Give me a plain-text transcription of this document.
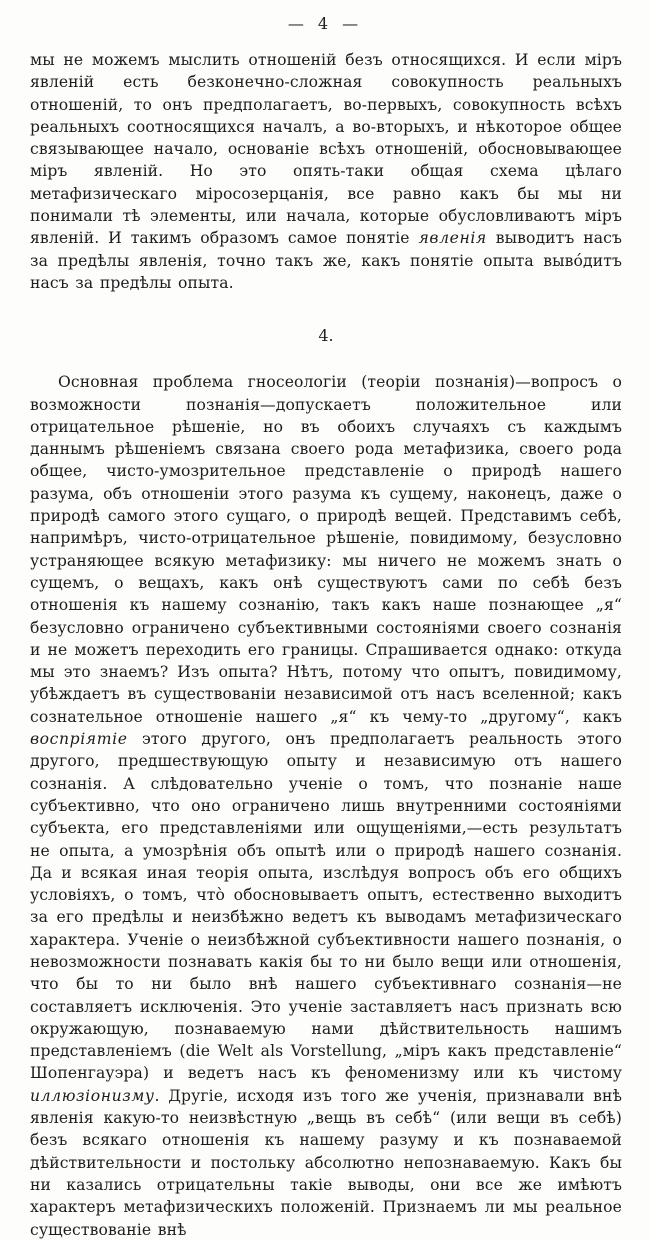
— 4 —

мы не можемъ мыслить отношеній безъ относящихся. И если міръ явленій есть безконечно-сложная совокупность реальныхъ отношеній, то онъ предполагаетъ, во-первыхъ, совокупность всѣхъ реальныхъ соотносящихся началъ, а во-вторыхъ, и нѣкоторое общее связывающее начало, основаніе всѣхъ отношеній, обосновывающее міръ явленій. Но это опять-таки общая схема цѣлаго метафизическаго міросозерцанія, все равно какъ бы мы ни понимали тѣ элементы, или начала, которые обусловливаютъ міръ явленій. И такимъ образомъ самое понятіе явленія выводитъ насъ за предѣлы явленія, точно такъ же, какъ понятіе опыта выво́дитъ насъ за предѣлы опыта.

4.

Основная проблема гносеологіи (теоріи познанія)—вопросъ о возможности познанія—допускаетъ положительное или отрицательное рѣшеніе, но въ обоихъ случаяхъ съ каждымъ даннымъ рѣшеніемъ связана своего рода метафизика, своего рода общее, чисто-умозрительное представленіе о природѣ нашего разума, объ отношеніи этого разума къ сущему, наконецъ, даже о природѣ самого этого сущаго, о природѣ вещей. Представимъ себѣ, напримѣръ, чисто-отрицательное рѣшеніе, повидимому, безусловно устраняющее всякую метафизику: мы ничего не можемъ знать о сущемъ, о вещахъ, какъ онѣ существуютъ сами по себѣ безъ отношенія къ нашему сознанію, такъ какъ наше познающее „я“ безусловно ограничено субъективными состояніями своего сознанія и не можетъ переходить его границы. Спрашивается однако: откуда мы это знаемъ? Изъ опыта? Нѣтъ, потому что опытъ, повидимому, убѣждаетъ въ существованіи независимой отъ насъ вселенной; какъ сознательное отношеніе нашего „я“ къ чему-то „другому“, какъ воспріятіе этого другого, онъ предполагаетъ реальность этого другого, предшествующую опыту и независимую отъ нашего сознанія. А слѣдовательно ученіе о томъ, что познаніе наше субъективно, что оно ограничено лишь внутренними состояніями субъекта, его представленіями или ощущеніями,—есть результатъ не опыта, а умозрѣнія объ опытѣ или о природѣ нашего сознанія. Да и всякая иная теорія опыта, изслѣдуя вопросъ объ его общихъ условіяхъ, о томъ, что̀ обосновываетъ опытъ, естественно выходитъ за его предѣлы и неизбѣжно ведетъ къ выводамъ метафизическаго характера. Ученіе о неизбѣжной субъективности нашего познанія, о невозможности познавать какія бы то ни было вещи или отношенія, что бы то ни было внѣ нашего субъективнаго сознанія—не составляетъ исключенія. Это ученіе заставляетъ насъ признать всю окружающую, познаваемую нами дѣйствительность нашимъ представленіемъ (die Welt als Vorstellung, „міръ какъ представленіе“ Шопенгауэра) и ведетъ насъ къ феноменизму или къ чистому иллюзіонизму. Другіе, исходя изъ того же ученія, признавали внѣ явленія какую-то неизвѣстную „вещь въ себѣ“ (или вещи въ себѣ) безъ всякаго отношенія къ нашему разуму и къ познаваемой дѣйствительности и постольку абсолютно непознаваемую. Какъ бы ни казались отрицательны такіе выводы, они все же имѣютъ характеръ метафизическихъ положеній. Признаемъ ли мы реальное существованіе внѣ
